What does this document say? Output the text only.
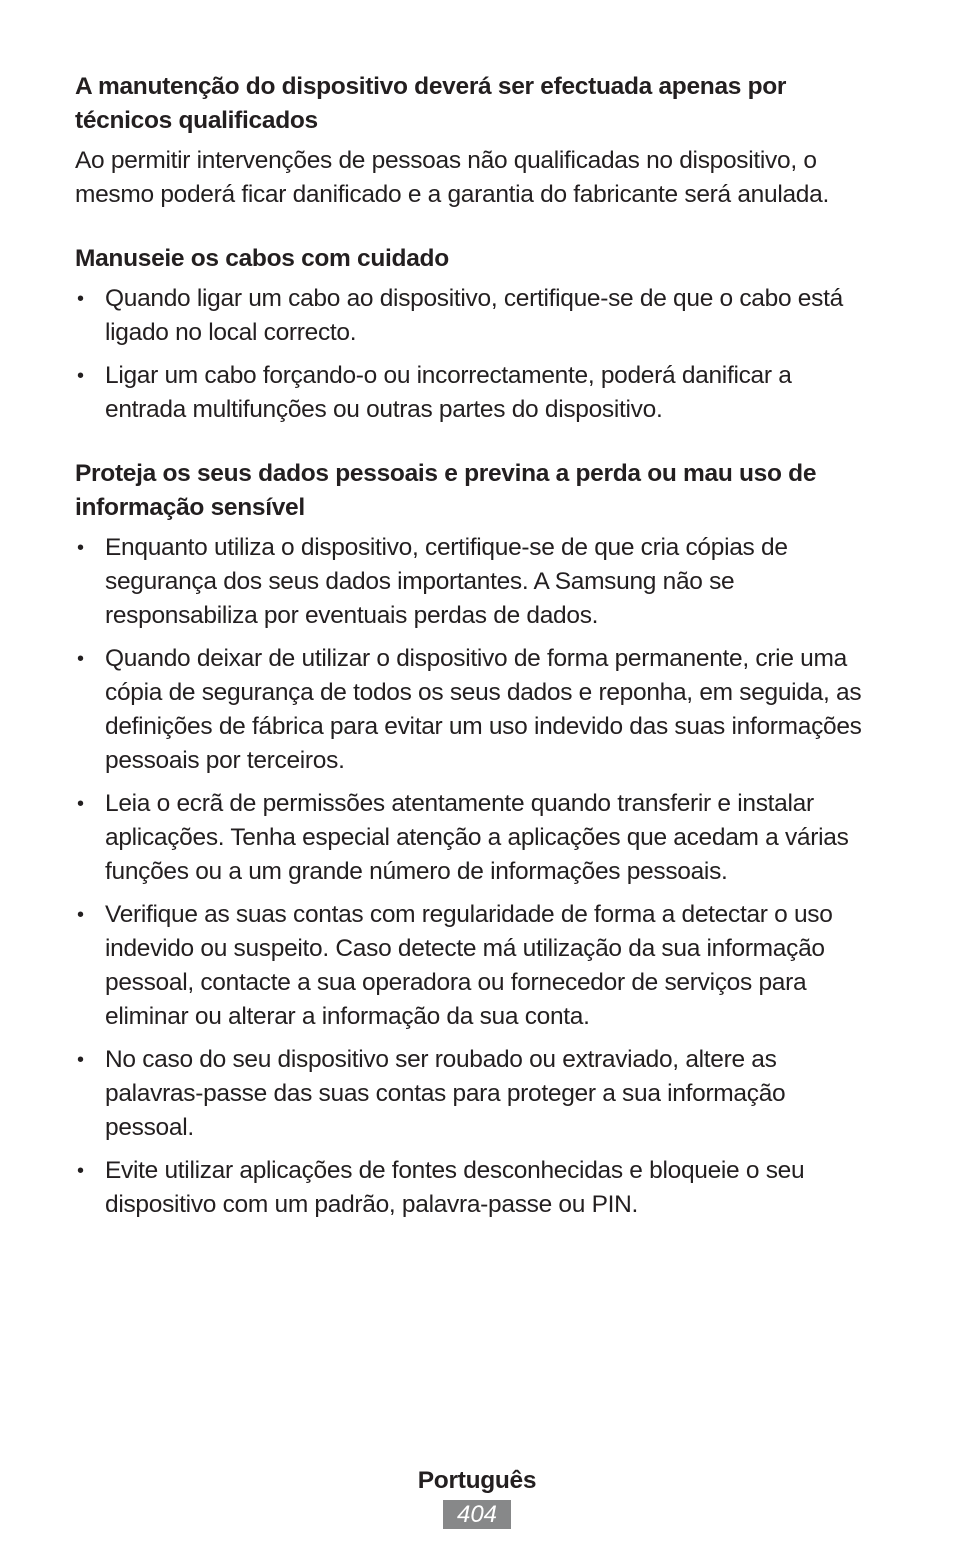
A manutenção do dispositivo deverá ser efectuada apenas por técnicos qualificados

Ao permitir intervenções de pessoas não qualificadas no dispositivo, o mesmo poderá ficar danificado e a garantia do fabricante será anulada.

Manuseie os cabos com cuidado
• Quando ligar um cabo ao dispositivo, certifique-se de que o cabo está ligado no local correcto.
• Ligar um cabo forçando-o ou incorrectamente, poderá danificar a entrada multifunções ou outras partes do dispositivo.
Proteja os seus dados pessoais e previna a perda ou mau uso de informação sensível
• Enquanto utiliza o dispositivo, certifique-se de que cria cópias de segurança dos seus dados importantes. A Samsung não se responsabiliza por eventuais perdas de dados.
• Quando deixar de utilizar o dispositivo de forma permanente, crie uma cópia de segurança de todos os seus dados e reponha, em seguida, as definições de fábrica para evitar um uso indevido das suas informações pessoais por terceiros.
• Leia o ecrã de permissões atentamente quando transferir e instalar aplicações. Tenha especial atenção a aplicações que acedam a várias funções ou a um grande número de informações pessoais.
• Verifique as suas contas com regularidade de forma a detectar o uso indevido ou suspeito. Caso detecte má utilização da sua informação pessoal, contacte a sua operadora ou fornecedor de serviços para eliminar ou alterar a informação da sua conta.
• No caso do seu dispositivo ser roubado ou extraviado, altere as palavras-passe das suas contas para proteger a sua informação pessoal.
• Evite utilizar aplicações de fontes desconhecidas e bloqueie o seu dispositivo com um padrão, palavra-passe ou PIN.
Português
404
